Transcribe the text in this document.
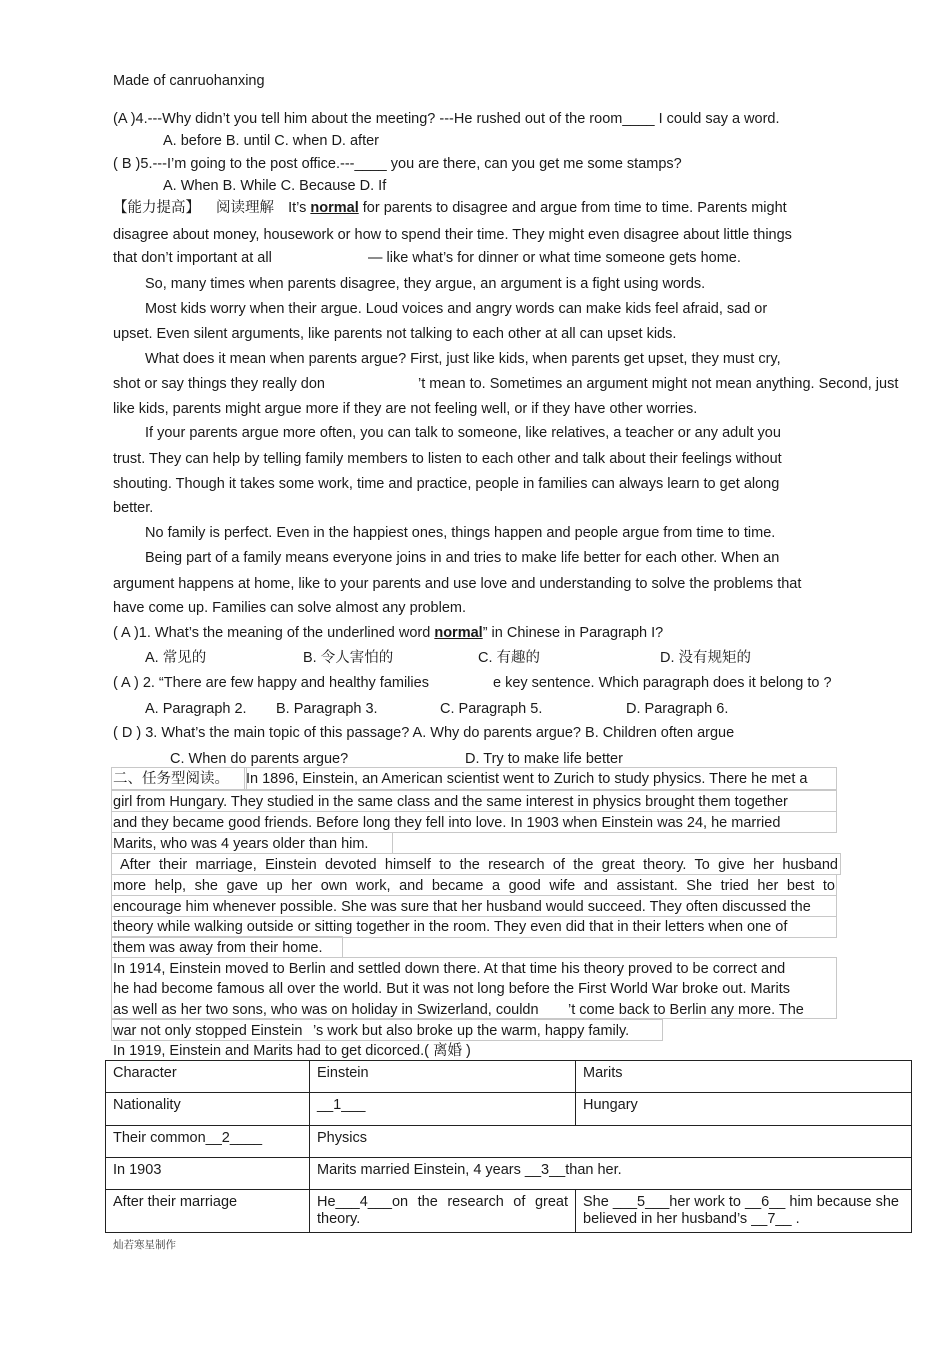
Made of canruohanxing
(A )4.---Why didn’t you tell him about the meeting? ---He rushed out of the room____ I could say a word.
A. before B. until C. when D. after
( B )5.---I’m going to the post office.---____ you are there, can you get me some stamps?
A. When B. While C. Because D. If
【能力提高】 阅读理解 It’s normal for parents to disagree and argue from time to time. Parents might
disagree about money, housework or how to spend their time. They might even disagree about little things
that don’t important at all	— like what’s for dinner or what time someone gets home.
So, many times when parents disagree, they argue, an argument is a fight using words.
Most kids worry when their argue. Loud voices and angry words can make kids feel afraid, sad or
upset. Even silent arguments, like parents not talking to each other at all can upset kids.
What does it mean when parents argue? First, just like kids, when parents get upset, they must cry,
shot or say things they really don	’t mean to. Sometimes an argument might not mean anything. Second, just
like kids, parents might argue more if they are not feeling well, or if they have other worries.
If your parents argue more often, you can talk to someone, like relatives, a teacher or any adult you
trust. They can help by telling family members to listen to each other and talk about their feelings without
shouting. Though it takes some work, time and practice, people in families can always learn to get along
better.
No family is perfect. Even in the happiest ones, things happen and people argue from time to time.
Being part of a family means everyone joins in and tries to make life better for each other. When an
argument happens at home, like to your parents and use love and understanding to solve the problems that
have come up. Families can solve almost any problem.
( A )1. What’s the meaning of the underlined word normal” in Chinese in Paragraph I?
A. 常见的	B. 令人害怕的	C. 有趣的	D. 没有规矩的
( A ) 2. “There are few happy and healthy families	e key sentence. Which paragraph does it belong to ?
A. Paragraph 2. B. Paragraph 3.	C. Paragraph 5.	D. Paragraph 6.
( D ) 3. What’s the main topic of this passage? A. Why do parents argue? B. Children often argue
C. When do parents argue?	D. Try to make life better
二、任务型阅读。 In 1896, Einstein, an American scientist went to Zurich to study physics. There he met a
girl from Hungary. They studied in the same class and the same interest in physics brought them together
and they became good friends. Before long they fell into love. In 1903 when Einstein was 24, he married
Marits, who was 4 years older than him.
After their marriage, Einstein devoted himself to the research of the great theory. To give her husband
more help, she gave up her own work, and became a good wife and assistant. She tried her best to
encourage him whenever possible. She was sure that her husband would succeed. They often discussed the
theory while walking outside or sitting together in the room. They even did that in their letters when one of
them was away from their home.
In 1914, Einstein moved to Berlin and settled down there. At that time his theory proved to be correct and
he had become famous all over the world. But it was not long before the First World War broke out. Marits
as well as her two sons, who was on holiday in Swizerland, couldn ’t come back to Berlin any more. The
war not only stopped Einstein ’s work but also broke up the warm, happy family.
In 1919, Einstein and Marits had to get dicorced.( 离婚 )
Character	Einstein	Marits
Nationality	__1___	Hungary
Their common__2____	Physics	
In 1903	Marits married Einstein, 4 years __3__than her.	
After their marriage	He___4___on the research of great theory.	She ___5___her work to __6__ him because she believed in her husband’s __7__ .
灿若寒星制作
